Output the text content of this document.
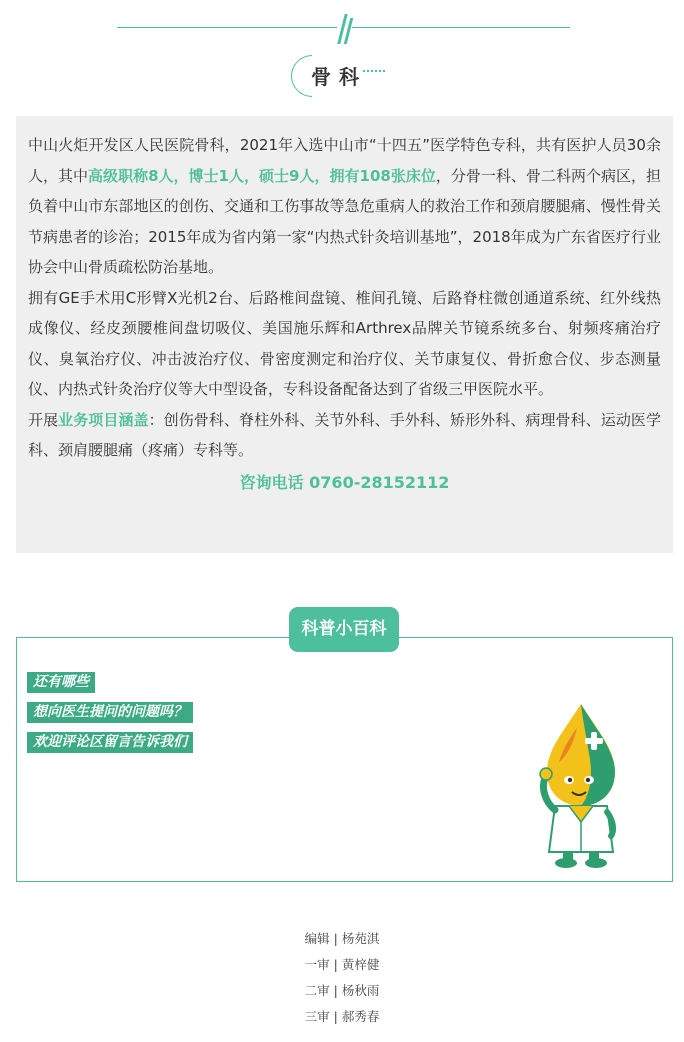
骨科

中山火炬开发区人民医院骨科，2021年入选中山市“十四五”医学特色专科，共有医护人员30余人，其中高级职称8人，博士1人，硕士9人，拥有108张床位，分骨一科、骨二科两个病区，担负着中山市东部地区的创伤、交通和工伤事故等急危重病人的救治工作和颈肩腰腿痛、慢性骨关节病患者的诊治；2015年成为省内第一家“内热式针灸培训基地”，2018年成为广东省医疗行业协会中山骨质疏松防治基地。

拥有GE手术用C形臂X光机2台、后路椎间盘镜、椎间孔镜、后路脊柱微创通道系统、红外线热成像仪、经皮颈腰椎间盘切吸仪、美国施乐辉和Arthrex品牌关节镜系统多台、射频疼痛治疗仪、臭氧治疗仪、冲击波治疗仪、骨密度测定和治疗仪、关节康复仪、骨折愈合仪、步态测量仪、内热式针灸治疗仪等大中型设备，专科设备配备达到了省级三甲医院水平。

开展业务项目涵盖：创伤骨科、脊柱外科、关节外科、手外科、矫形外科、病理骨科、运动医学科、颈肩腰腿痛（疼痛）专科等。

咨询电话 0760-28152112
科普小百科
还有哪些
想向医生提问的问题吗？
欢迎评论区留言告诉我们
编辑 | 杨苑淇
一审 | 黄梓健
二审 | 杨秋雨
三审 | 郝秀春
